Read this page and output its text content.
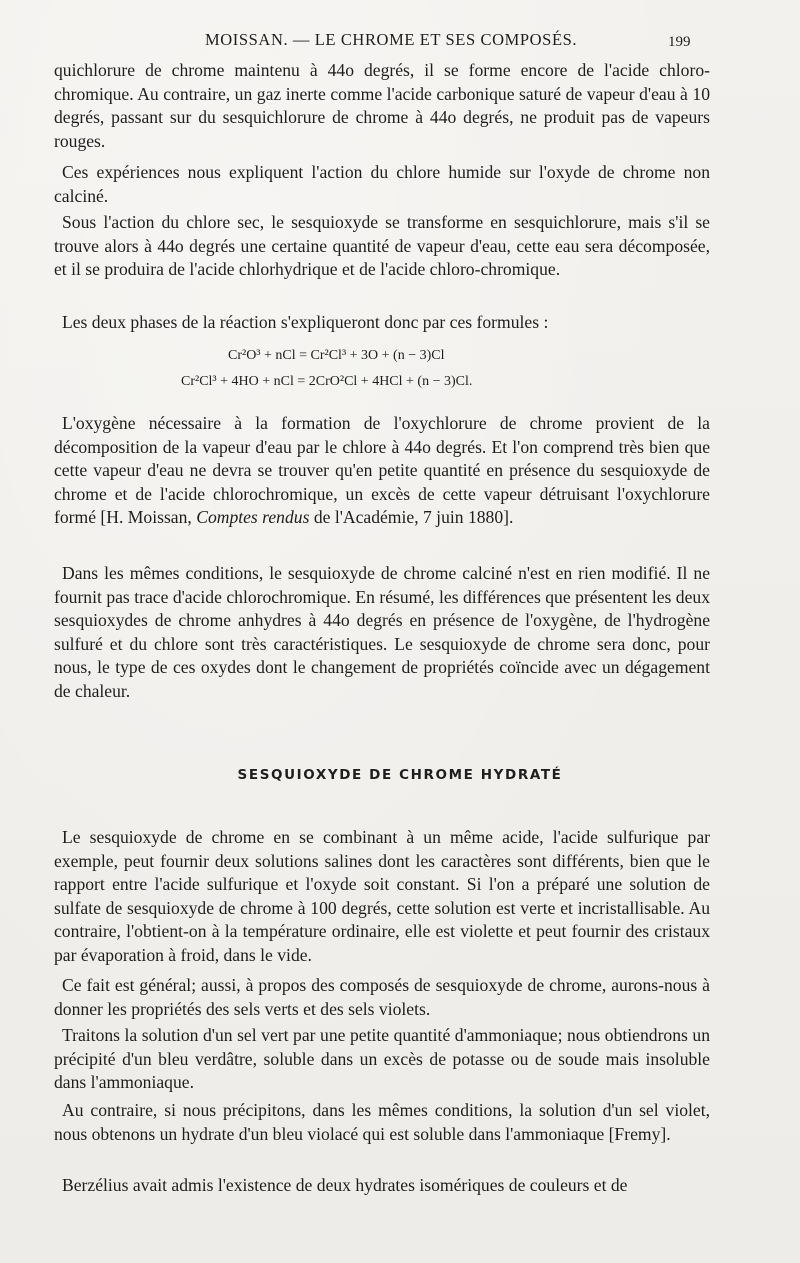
MOISSAN. — LE CHROME ET SES COMPOSÉS.	199

quichlorure de chrome maintenu à 44o degrés, il se forme encore de l'acide chloro-chromique. Au contraire, un gaz inerte comme l'acide carbonique saturé de vapeur d'eau à 10 degrés, passant sur du sesquichlorure de chrome à 44o degrés, ne produit pas de vapeurs rouges.

Ces expériences nous expliquent l'action du chlore humide sur l'oxyde de chrome non calciné.

Sous l'action du chlore sec, le sesquioxyde se transforme en sesquichlorure, mais s'il se trouve alors à 44o degrés une certaine quantité de vapeur d'eau, cette eau sera décomposée, et il se produira de l'acide chlorhydrique et de l'acide chloro-chromique.

Les deux phases de la réaction s'expliqueront donc par ces formules :

Cr²O³ + nCl = Cr²Cl³ + 3O + (n − 3)Cl
Cr²Cl³ + 4HO + nCl = 2CrO²Cl + 4HCl + (n − 3)Cl.

L'oxygène nécessaire à la formation de l'oxychlorure de chrome provient de la décomposition de la vapeur d'eau par le chlore à 44o degrés. Et l'on comprend très bien que cette vapeur d'eau ne devra se trouver qu'en petite quantité en présence du sesquioxyde de chrome et de l'acide chlorochromique, un excès de cette vapeur détruisant l'oxychlorure formé [H. Moissan, Comptes rendus de l'Académie, 7 juin 1880].

Dans les mêmes conditions, le sesquioxyde de chrome calciné n'est en rien modifié. Il ne fournit pas trace d'acide chlorochromique. En résumé, les différences que présentent les deux sesquioxydes de chrome anhydres à 44o degrés en présence de l'oxygène, de l'hydrogène sulfuré et du chlore sont très caractéristiques. Le sesquioxyde de chrome sera donc, pour nous, le type de ces oxydes dont le changement de propriétés coïncide avec un dégagement de chaleur.

SESQUIOXYDE DE CHROME HYDRATÉ

Le sesquioxyde de chrome en se combinant à un même acide, l'acide sulfurique par exemple, peut fournir deux solutions salines dont les caractères sont différents, bien que le rapport entre l'acide sulfurique et l'oxyde soit constant. Si l'on a préparé une solution de sulfate de sesquioxyde de chrome à 100 degrés, cette solution est verte et incristallisable. Au contraire, l'obtient-on à la température ordinaire, elle est violette et peut fournir des cristaux par évaporation à froid, dans le vide.

Ce fait est général; aussi, à propos des composés de sesquioxyde de chrome, aurons-nous à donner les propriétés des sels verts et des sels violets.

Traitons la solution d'un sel vert par une petite quantité d'ammoniaque; nous obtiendrons un précipité d'un bleu verdâtre, soluble dans un excès de potasse ou de soude mais insoluble dans l'ammoniaque.

Au contraire, si nous précipitons, dans les mêmes conditions, la solution d'un sel violet, nous obtenons un hydrate d'un bleu violacé qui est soluble dans l'ammoniaque [Fremy].

Berzélius avait admis l'existence de deux hydrates isomériques de couleurs et de
